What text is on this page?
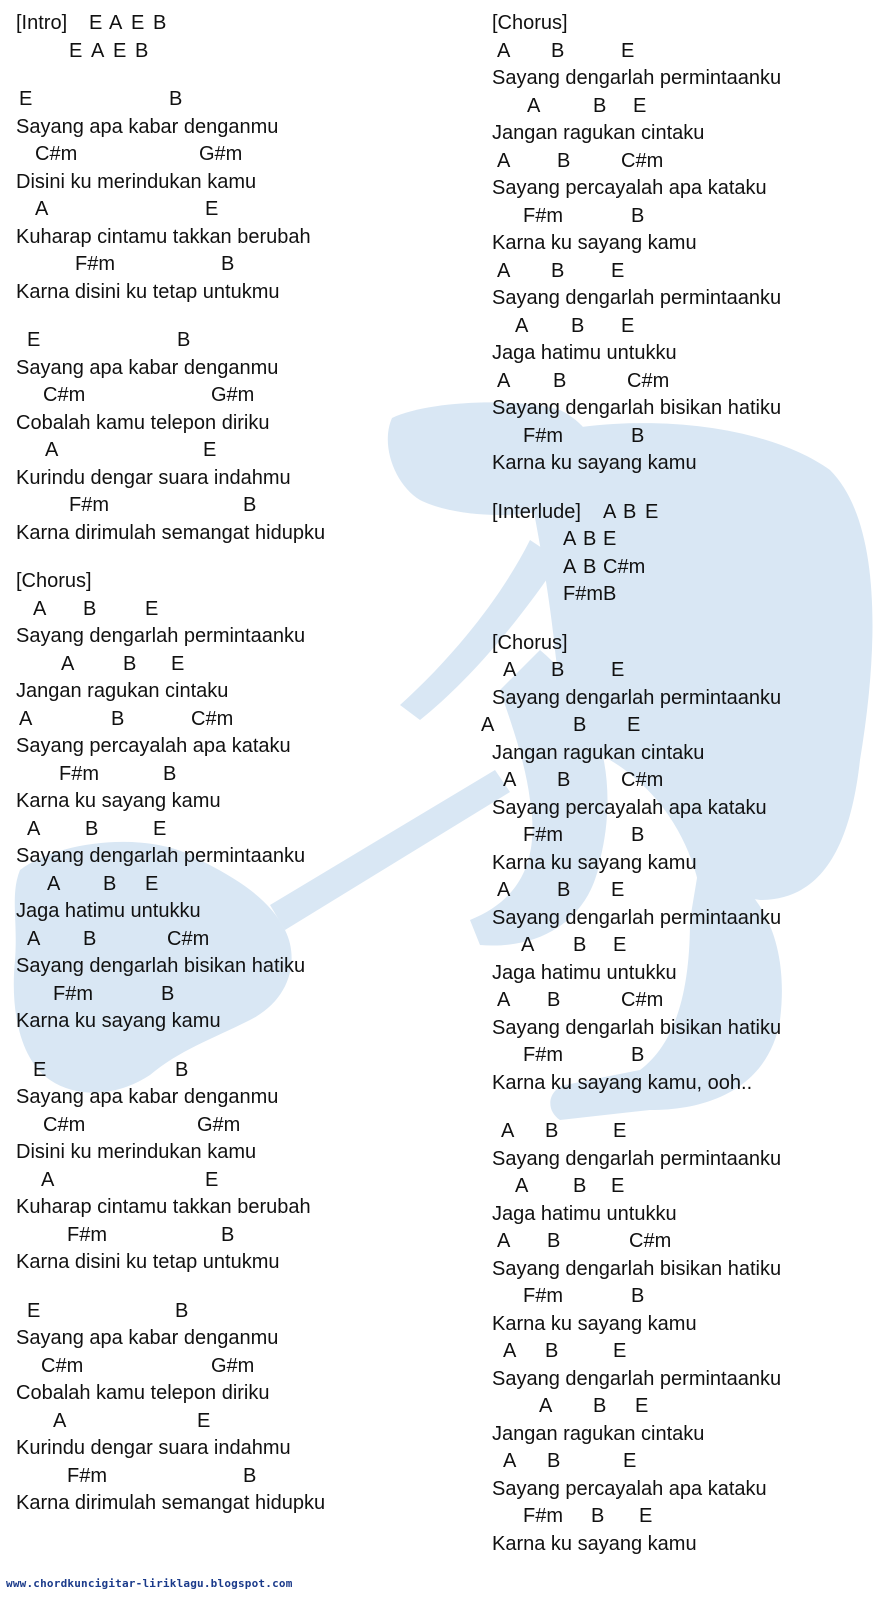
[Intro] E A E B
E A E B
E	B
Sayang apa kabar denganmu
C#m	G#m
Disini ku merindukan kamu
A	E
Kuharap cintamu takkan berubah
F#m	B
Karna disini ku tetap untukmu
E	B
Sayang apa kabar denganmu
C#m	G#m
Cobalah kamu telepon diriku
A	E
Kurindu dengar suara indahmu
F#m	B
Karna dirimulah semangat hidupku
[Chorus]
A B E
Sayang dengarlah permintaanku
A B E
Jangan ragukan cintaku
A	B	C#m
Sayang percayalah apa kataku
F#m	B
Karna ku sayang kamu
A B	E
Sayang dengarlah permintaanku
A B E
Jaga hatimu untukku
A B	C#m
Sayang dengarlah bisikan hatiku
F#m	B
Karna ku sayang kamu
E	B
Sayang apa kabar denganmu
C#m	G#m
Disini ku merindukan kamu
A	E
Kuharap cintamu takkan berubah
F#m	B
Karna disini ku tetap untukmu
E	B
Sayang apa kabar denganmu
C#m	G#m
Cobalah kamu telepon diriku
A	E
Kurindu dengar suara indahmu
F#m	B
Karna dirimulah semangat hidupku
[Chorus]
A B	E
Sayang dengarlah permintaanku
A	B E
Jangan ragukan cintaku
A B	C#m
Sayang percayalah apa kataku
F#m	B
Karna ku sayang kamu
A B E
Sayang dengarlah permintaanku
A B E
Jaga hatimu untukku
A B	C#m
Sayang dengarlah bisikan hatiku
F#m	B
Karna ku sayang kamu
[Interlude] A B E
A B E
A B C#m
F#m B
[Chorus]
A B E
Sayang dengarlah permintaanku
A	B E
Jangan ragukan cintaku
A B	C#m
Sayang percayalah apa kataku
F#m	B
Karna ku sayang kamu
A B E
Sayang dengarlah permintaanku
A B E
Jaga hatimu untukku
A B	C#m
Sayang dengarlah bisikan hatiku
F#m	B
Karna ku sayang kamu, ooh..
A B	E
Sayang dengarlah permintaanku
A B E
Jaga hatimu untukku
A B	C#m
Sayang dengarlah bisikan hatiku
F#m	B
Karna ku sayang kamu
A B	E
Sayang dengarlah permintaanku
A B E
Jangan ragukan cintaku
A B	E
Sayang percayalah apa kataku
F#m B E
Karna ku sayang kamu
www.chordkuncigitar-liriklagu.blogspot.com
